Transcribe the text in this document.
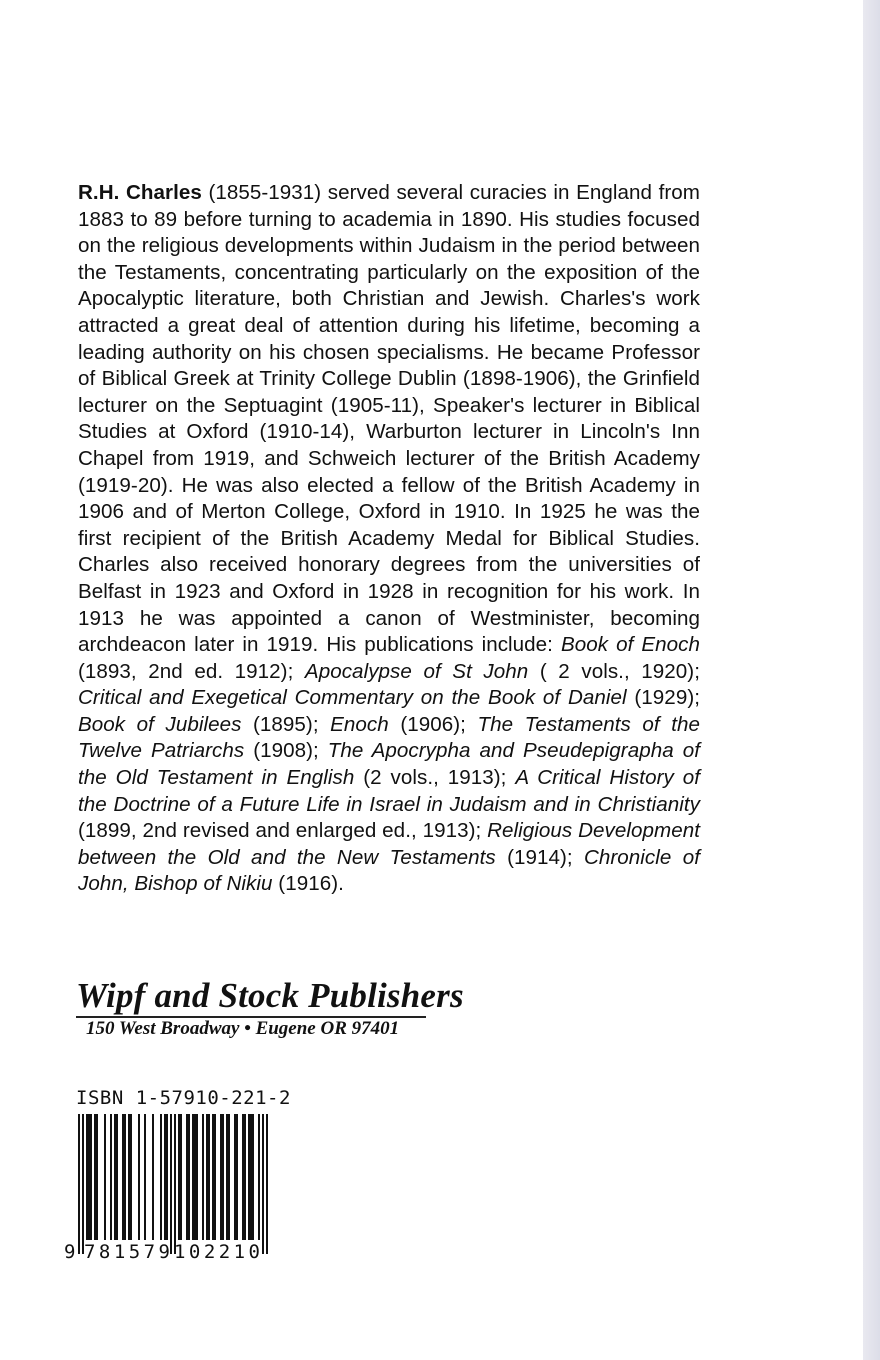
R.H. Charles (1855-1931) served several curacies in England from 1883 to 89 before turning to academia in 1890. His studies focused on the religious developments within Judaism in the period between the Testaments, concentrating particularly on the exposition of the Apocalyptic literature, both Christian and Jewish. Charles's work attracted a great deal of attention during his lifetime, becoming a leading authority on his chosen specialisms. He became Professor of Biblical Greek at Trinity College Dublin (1898-1906), the Grinfield lecturer on the Septuagint (1905-11), Speaker's lecturer in Biblical Studies at Oxford (1910-14), Warburton lecturer in Lincoln's Inn Chapel from 1919, and Schweich lecturer of the British Academy (1919-20). He was also elected a fellow of the British Academy in 1906 and of Merton College, Oxford in 1910. In 1925 he was the first recipient of the British Academy Medal for Biblical Studies. Charles also received honorary degrees from the universities of Belfast in 1923 and Oxford in 1928 in recognition for his work. In 1913 he was appointed a canon of Westminister, becoming archdeacon later in 1919. His publications include: Book of Enoch (1893, 2nd ed. 1912); Apocalypse of St John ( 2 vols., 1920); Critical and Exegetical Commentary on the Book of Daniel (1929); Book of Jubilees (1895); Enoch (1906); The Testaments of the Twelve Patriarchs (1908); The Apocrypha and Pseudepigrapha of the Old Testament in English (2 vols., 1913); A Critical History of the Doctrine of a Future Life in Israel in Judaism and in Christianity (1899, 2nd revised and enlarged ed., 1913); Religious Development between the Old and the New Testaments (1914); Chronicle of John, Bishop of Nikiu (1916).
Wipf and Stock Publishers
150 West Broadway • Eugene OR 97401
ISBN 1-57910-221-2
9 781579 102210
